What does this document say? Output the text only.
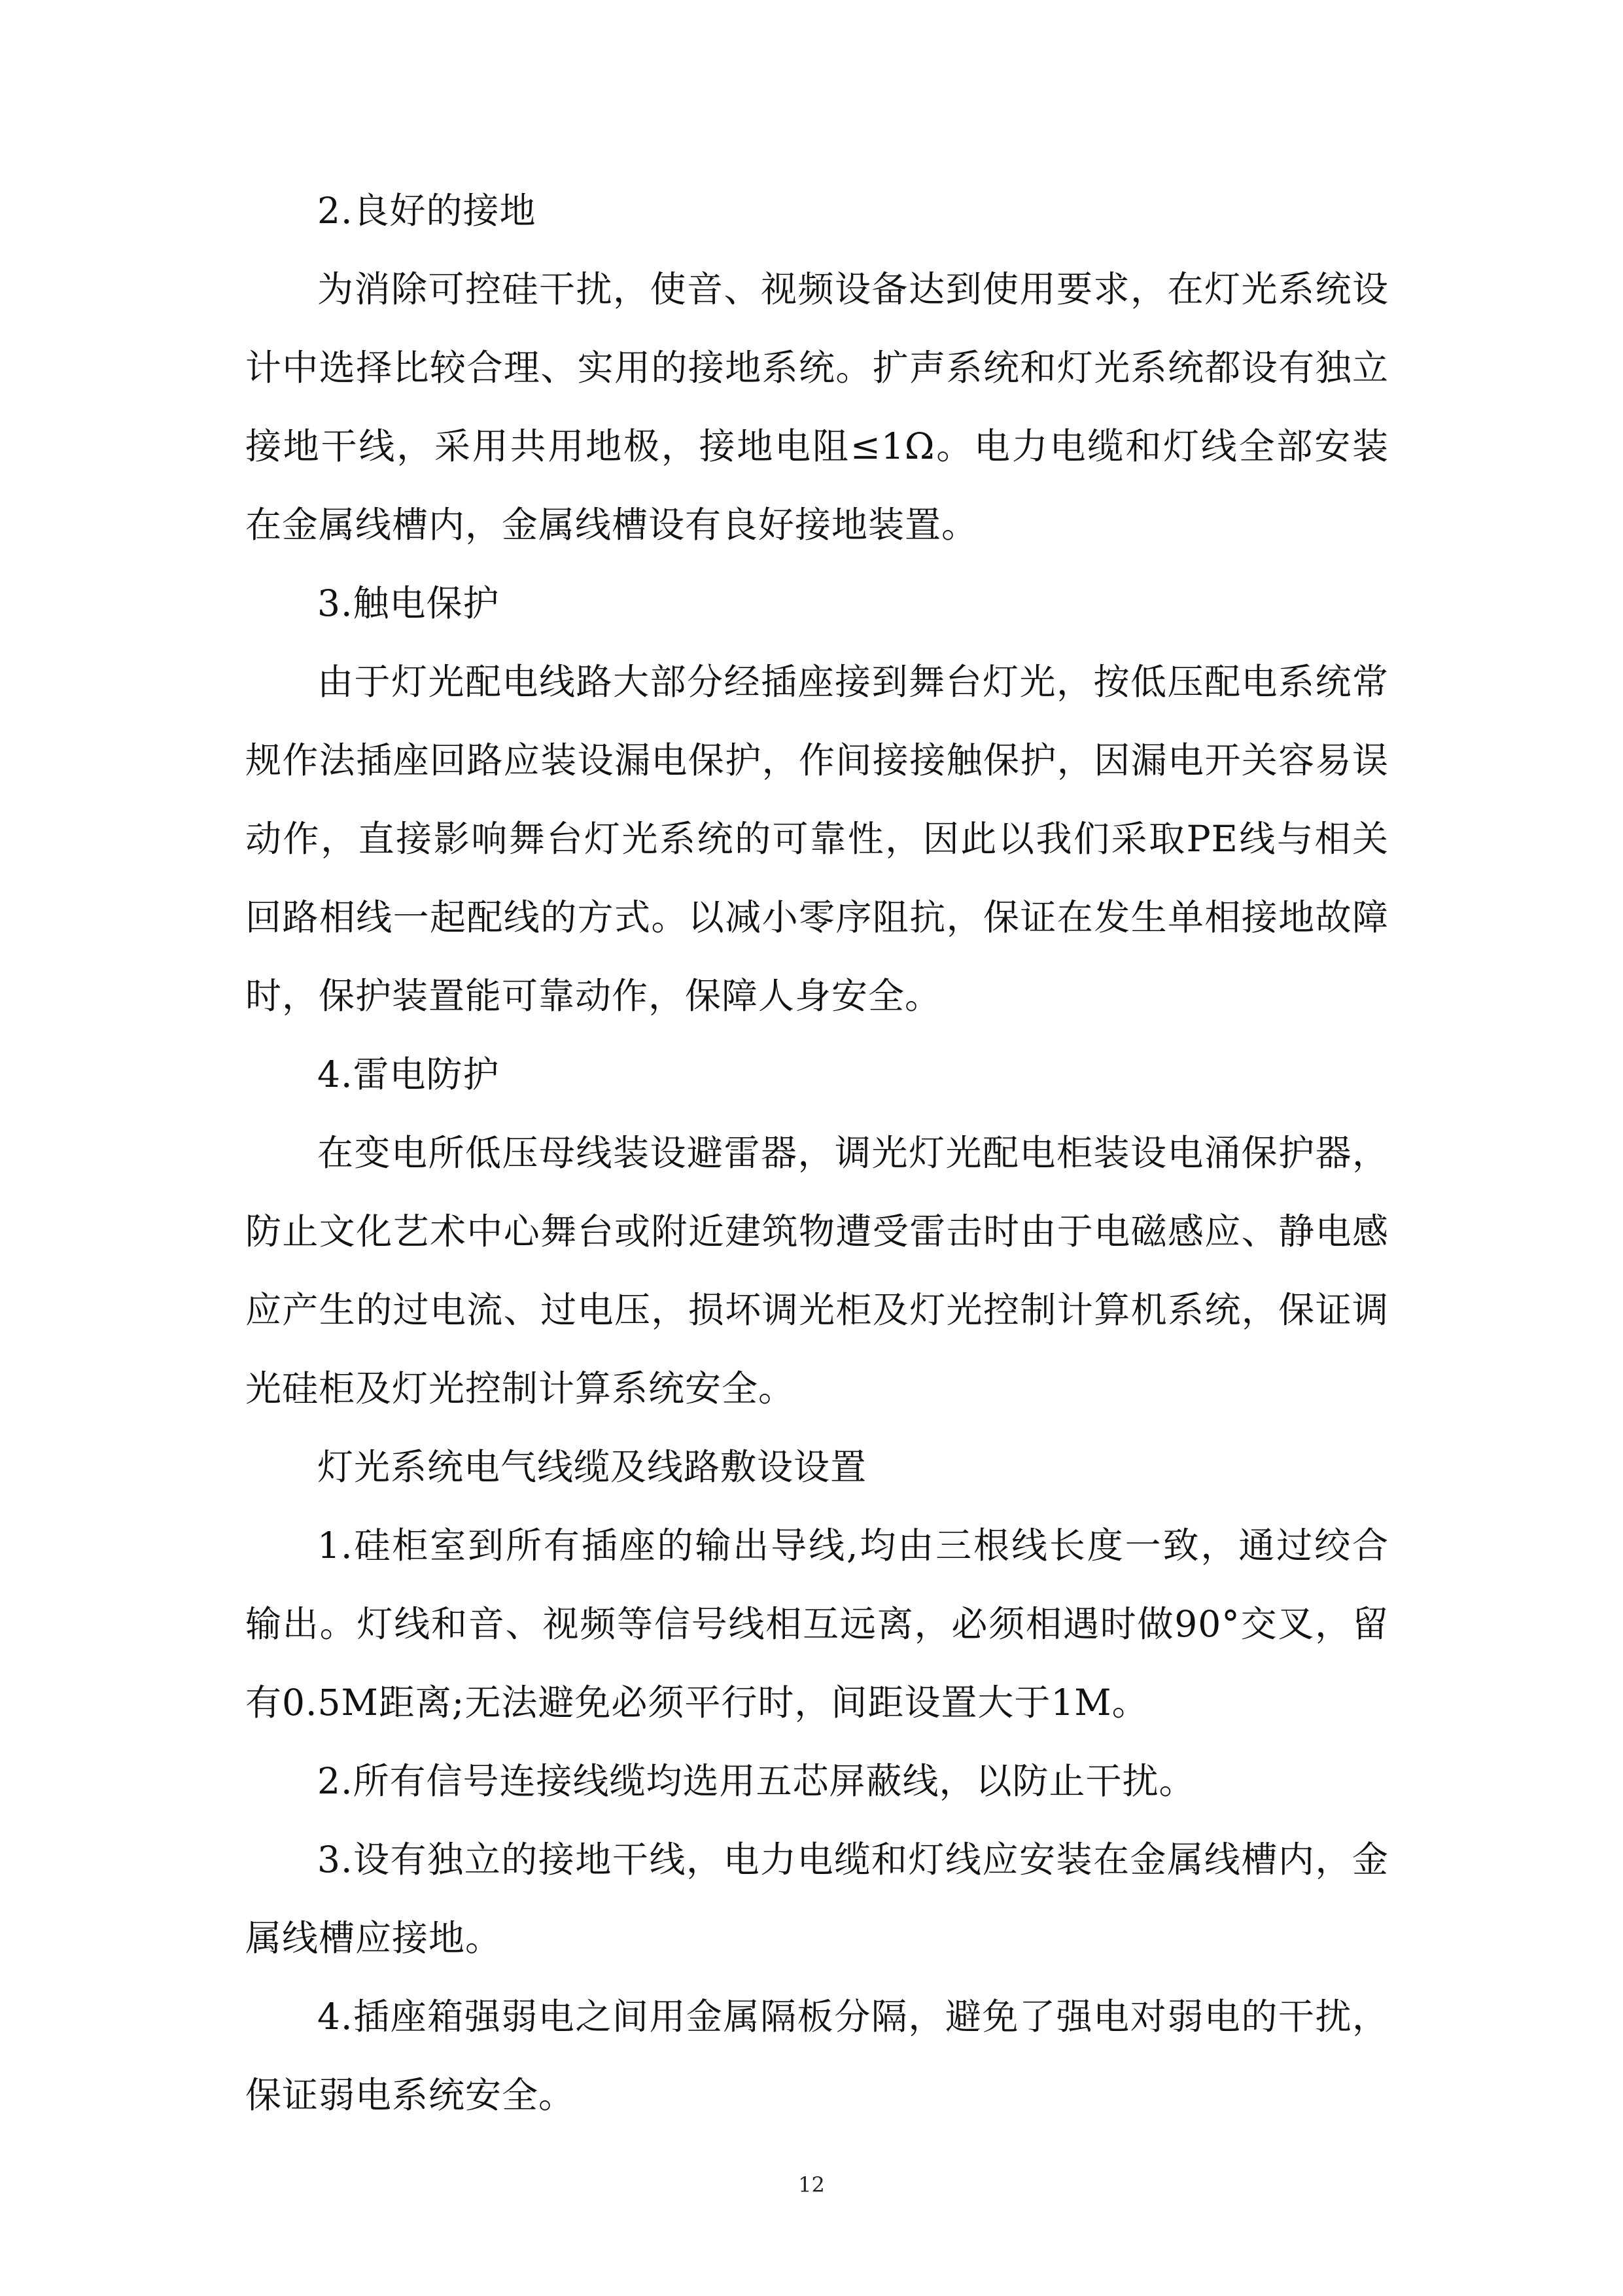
2.良好的接地

为消除可控硅干扰，使音、视频设备达到使用要求，在灯光系统设计中选择比较合理、实用的接地系统。扩声系统和灯光系统都设有独立接地干线，采用共用地极，接地电阻≤1Ω。电力电缆和灯线全部安装在金属线槽内，金属线槽设有良好接地装置。

3.触电保护

由于灯光配电线路大部分经插座接到舞台灯光，按低压配电系统常规作法插座回路应装设漏电保护，作间接接触保护，因漏电开关容易误动作，直接影响舞台灯光系统的可靠性，因此以我们采取PE线与相关回路相线一起配线的方式。以减小零序阻抗，保证在发生单相接地故障时，保护装置能可靠动作，保障人身安全。

4.雷电防护

在变电所低压母线装设避雷器，调光灯光配电柜装设电涌保护器，防止文化艺术中心舞台或附近建筑物遭受雷击时由于电磁感应、静电感应产生的过电流、过电压，损坏调光柜及灯光控制计算机系统，保证调光硅柜及灯光控制计算系统安全。

灯光系统电气线缆及线路敷设设置

1.硅柜室到所有插座的输出导线,均由三根线长度一致，通过绞合输出。灯线和音、视频等信号线相互远离，必须相遇时做90°交叉，留有0.5M距离;无法避免必须平行时，间距设置大于1M。

2.所有信号连接线缆均选用五芯屏蔽线，以防止干扰。

3.设有独立的接地干线，电力电缆和灯线应安装在金属线槽内，金属线槽应接地。

4.插座箱强弱电之间用金属隔板分隔，避免了强电对弱电的干扰，保证弱电系统安全。

12
